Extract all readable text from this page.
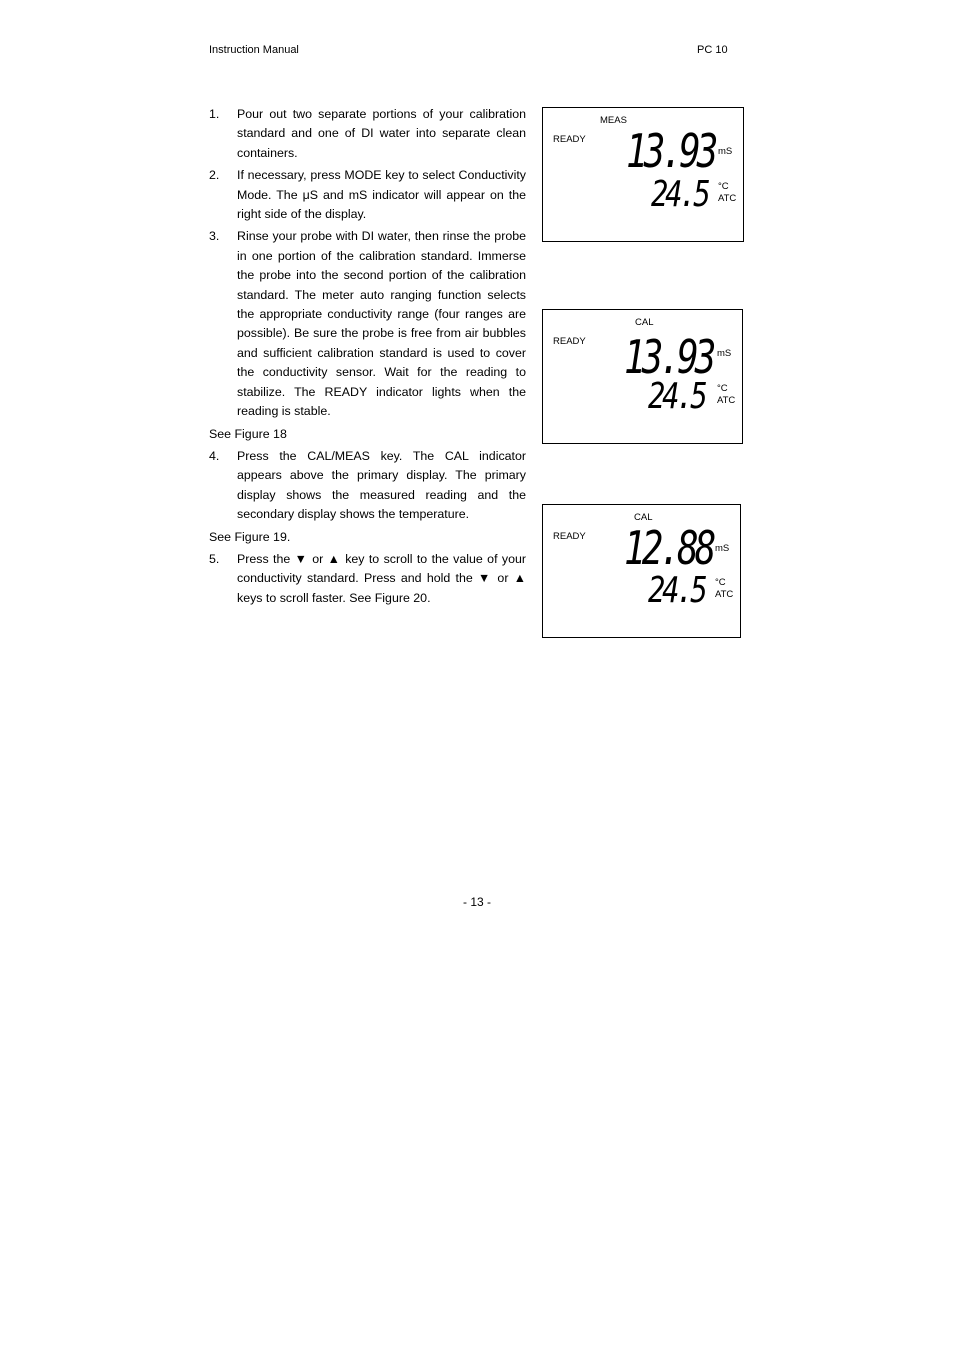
Instruction Manual	PC 10
1.	Pour out two separate portions of your calibration standard and one of DI water into separate clean containers.
2.	If necessary, press MODE key to select Conductivity Mode. The μS and mS indicator will appear on the right side of the display.
3.	Rinse your probe with DI water, then rinse the probe in one portion of the calibration standard. Immerse the probe into the second portion of the calibration standard. The meter auto ranging function selects the appropriate conductivity range (four ranges are possible). Be sure the probe is free from air bubbles and sufficient calibration standard is used to cover the conductivity sensor. Wait for the reading to stabilize. The READY indicator lights when the reading is stable.
See Figure 18
4.	Press the CAL/MEAS key. The CAL indicator appears above the primary display. The primary display shows the measured reading and the secondary display shows the temperature.
See Figure 19.
5.	Press the ▼ or ▲ key to scroll to the value of your conductivity standard. Press and hold the ▼ or ▲ keys to scroll faster. See Figure 20.
MEAS
READY 13.93 mS
24.5 °C
ATC
CAL
READY 13.93 mS
24.5 °C
ATC
CAL
READY 12.88 mS
24.5 °C
ATC
- 13 -
